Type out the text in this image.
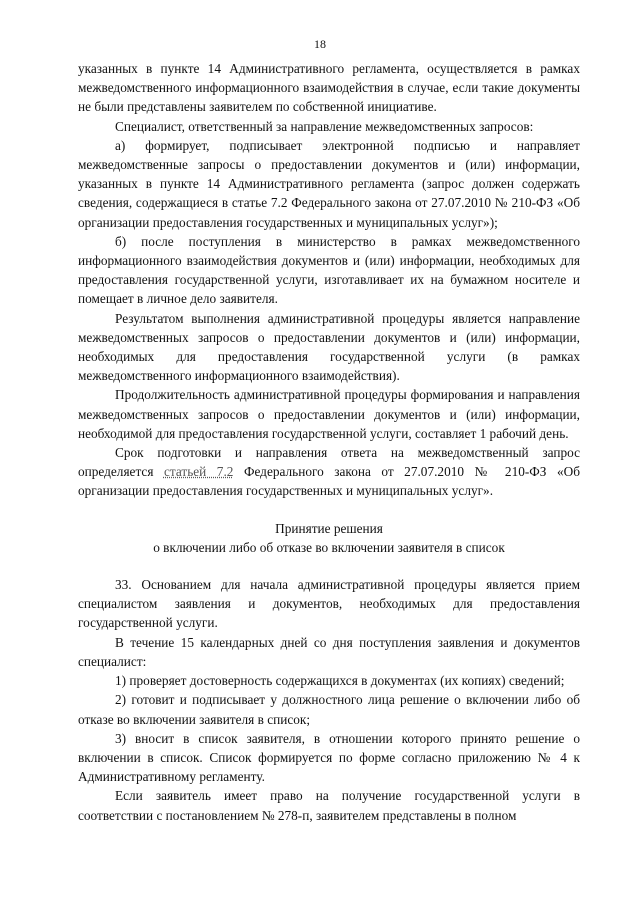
18

указанных в пункте 14 Административного регламента, осуществляется в рамках межведомственного информационного взаимодействия в случае, если такие документы не были представлены заявителем по собственной инициативе.

Специалист, ответственный за направление межведомственных запросов:

а) формирует, подписывает электронной подписью и направляет межведомственные запросы о предоставлении документов и (или) информации, указанных в пункте 14 Административного регламента (запрос должен содержать сведения, содержащиеся в статье 7.2 Федерального закона от 27.07.2010 № 210-ФЗ «Об организации предоставления государственных и муниципальных услуг»);

б) после поступления в министерство в рамках межведомственного информационного взаимодействия документов и (или) информации, необходимых для предоставления государственной услуги, изготавливает их на бумажном носителе и помещает в личное дело заявителя.

Результатом выполнения административной процедуры является направление межведомственных запросов о предоставлении документов и (или) информации, необходимых для предоставления государственной услуги (в рамках межведомственного информационного взаимодействия).

Продолжительность административной процедуры формирования и направления межведомственных запросов о предоставлении документов и (или) информации, необходимой для предоставления государственной услуги, составляет 1 рабочий день.

Срок подготовки и направления ответа на межведомственный запрос определяется статьей 7.2 Федерального закона от 27.07.2010 № 210-ФЗ «Об организации предоставления государственных и муниципальных услуг».

Принятие решения

о включении либо об отказе во включении заявителя в список

33. Основанием для начала административной процедуры является прием специалистом заявления и документов, необходимых для предоставления государственной услуги.

В течение 15 календарных дней со дня поступления заявления и документов специалист:

1) проверяет достоверность содержащихся в документах (их копиях) сведений;

2) готовит и подписывает у должностного лица решение о включении либо об отказе во включении заявителя в список;

3) вносит в список заявителя, в отношении которого принято решение о включении в список. Список формируется по форме согласно приложению № 4 к Административному регламенту.

Если заявитель имеет право на получение государственной услуги в соответствии с постановлением № 278-п, заявителем представлены в полном
